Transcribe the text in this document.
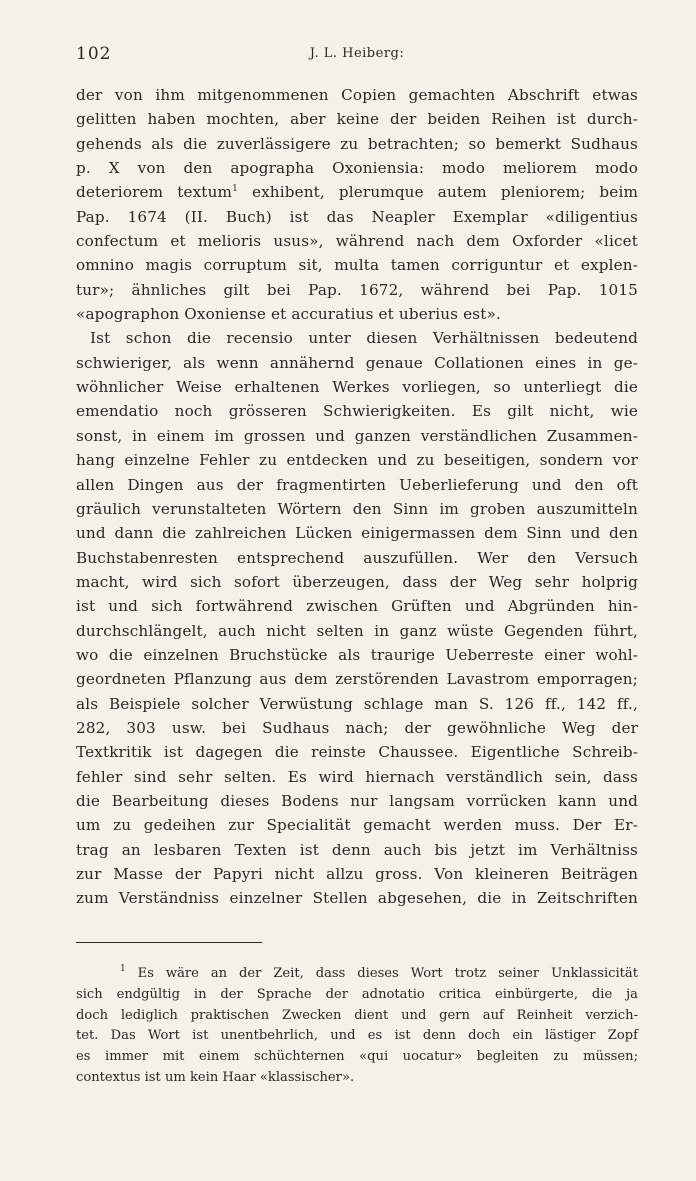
102	J. L. Heiberg:
der von ihm mitgenommenen Copien gemachten Abschrift etwas
gelitten haben mochten, aber keine der beiden Reihen ist durch-
gehends als die zuverlässigere zu betrachten; so bemerkt Sudhaus
p. X von den apographa Oxoniensia: modo meliorem modo
deteriorem textum$^1$ exhibent, plerumque autem pleniorem; beim
Pap. 1674 (II. Buch) ist das Neapler Exemplar «diligentius
confectum et melioris usus», während nach dem Oxforder «licet
omnino magis corruptum sit, multa tamen corriguntur et explen-
tur»; ähnliches gilt bei Pap. 1672, während bei Pap. 1015
«apographon Oxoniense et accuratius et uberius est».
Ist schon die recensio unter diesen Verhältnissen bedeutend
schwieriger, als wenn annähernd genaue Collationen eines in ge-
wöhnlicher Weise erhaltenen Werkes vorliegen, so unterliegt die
emendatio noch grösseren Schwierigkeiten. Es gilt nicht, wie
sonst, in einem im grossen und ganzen verständlichen Zusammen-
hang einzelne Fehler zu entdecken und zu beseitigen, sondern vor
allen Dingen aus der fragmentirten Ueberlieferung und den oft
gräulich verunstalteten Wörtern den Sinn im groben auszumitteln
und dann die zahlreichen Lücken einigermassen dem Sinn und den
Buchstabenresten entsprechend auszufüllen. Wer den Versuch
macht, wird sich sofort überzeugen, dass der Weg sehr holprig
ist und sich fortwährend zwischen Grüften und Abgründen hin-
durchschlängelt, auch nicht selten in ganz wüste Gegenden führt,
wo die einzelnen Bruchstücke als traurige Ueberreste einer wohl-
geordneten Pflanzung aus dem zerstörenden Lavastrom emporragen;
als Beispiele solcher Verwüstung schlage man S. 126 ff., 142 ff.,
282, 303 usw. bei Sudhaus nach; der gewöhnliche Weg der
Textkritik ist dagegen die reinste Chaussee. Eigentliche Schreib-
fehler sind sehr selten. Es wird hiernach verständlich sein, dass
die Bearbeitung dieses Bodens nur langsam vorrücken kann und
um zu gedeihen zur Specialität gemacht werden muss. Der Er-
trag an lesbaren Texten ist denn auch bis jetzt im Verhältniss
zur Masse der Papyri nicht allzu gross. Von kleineren Beiträgen
zum Verständniss einzelner Stellen abgesehen, die in Zeitschriften
$^1$ Es wäre an der Zeit, dass dieses Wort trotz seiner Unklassicität
sich endgültig in der Sprache der adnotatio critica einbürgerte, die ja
doch lediglich praktischen Zwecken dient und gern auf Reinheit verzich-
tet. Das Wort ist unentbehrlich, und es ist denn doch ein lästiger Zopf
es immer mit einem schüchternen «qui uocatur» begleiten zu müssen;
contextus ist um kein Haar «klassischer».
